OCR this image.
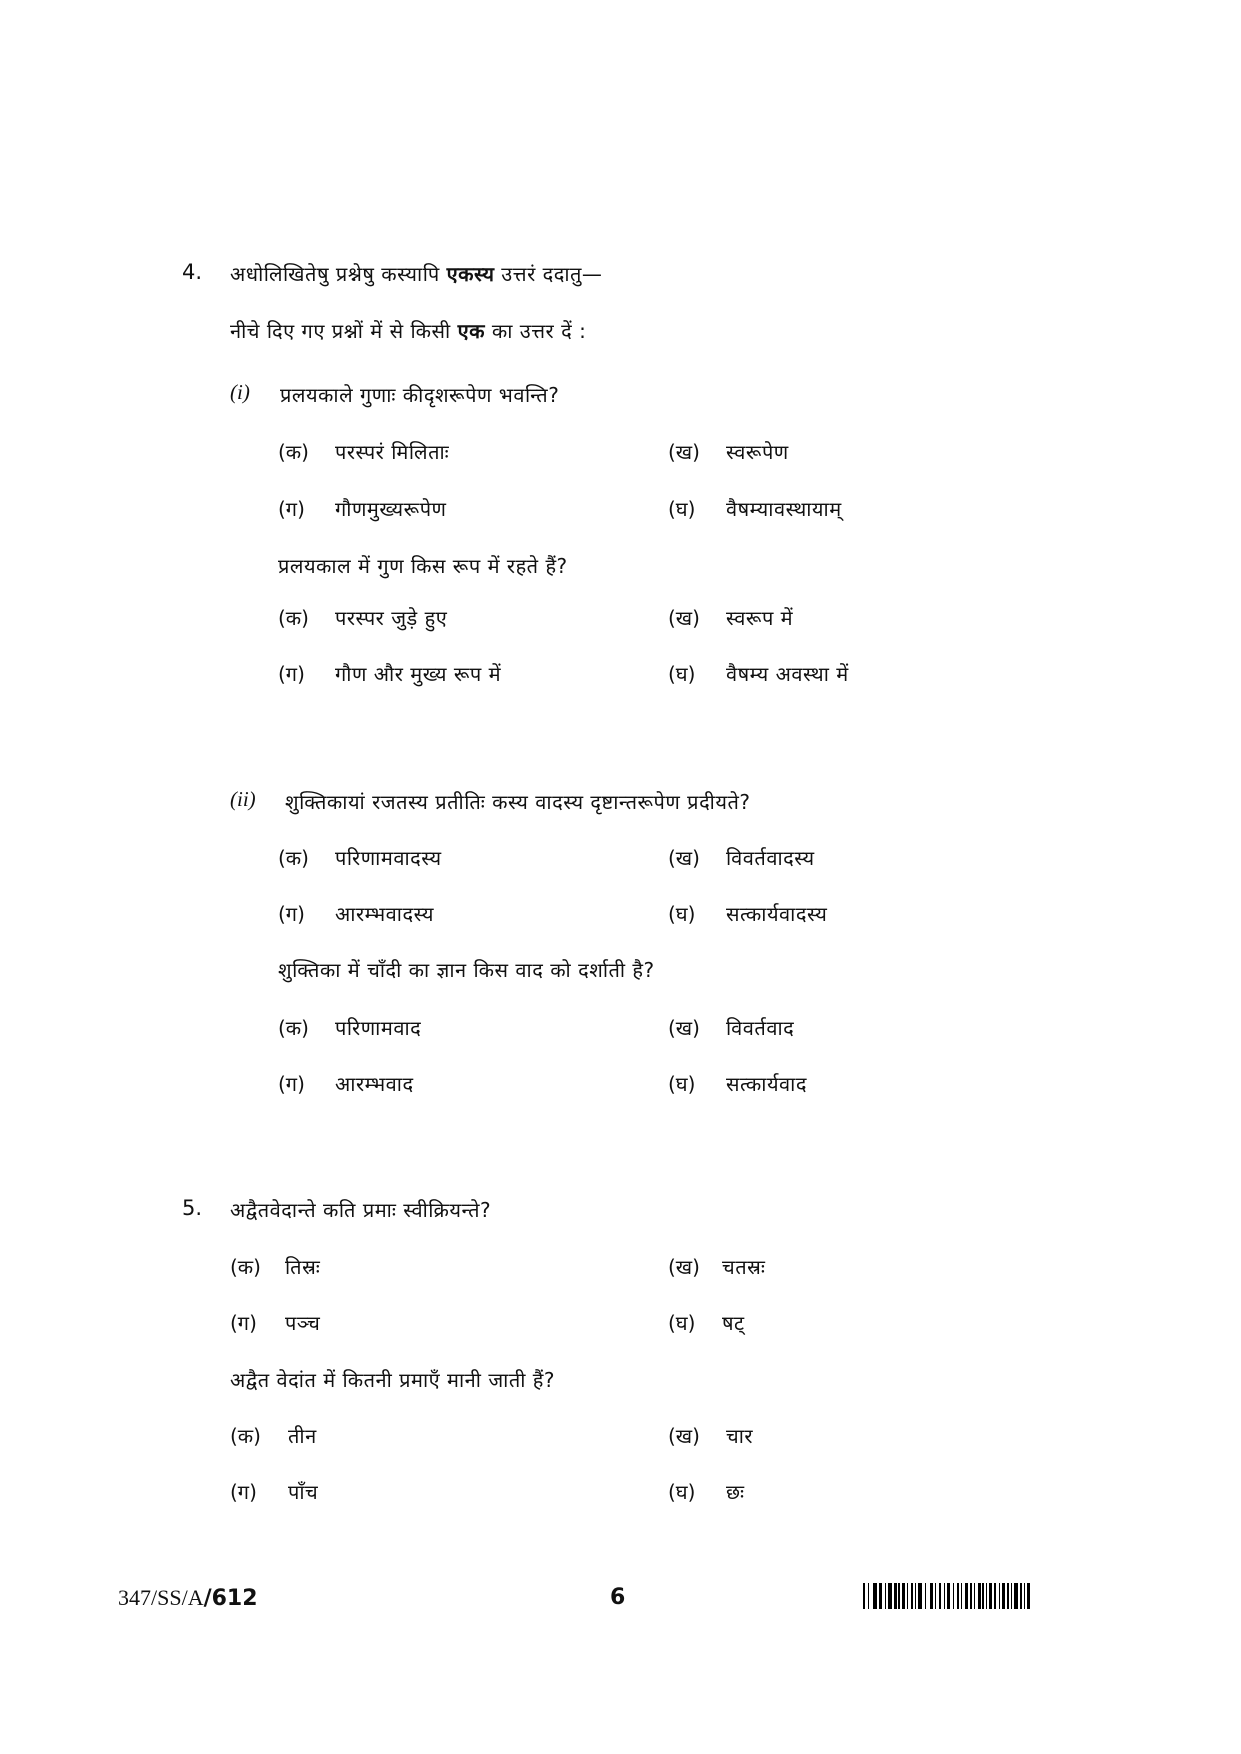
4. अधोलिखितेषु प्रश्नेषु कस्यापि एकस्य उत्तरं ददातु—
नीचे दिए गए प्रश्नों में से किसी एक का उत्तर दें :
(i) प्रलयकाले गुणाः कीदृशरूपेण भवन्ति?
(क) परस्परं मिलिताः	(ख) स्वरूपेण
(ग) गौणमुख्यरूपेण	(घ) वैषम्यावस्थायाम्
प्रलयकाल में गुण किस रूप में रहते हैं?
(क) परस्पर जुड़े हुए	(ख) स्वरूप में
(ग) गौण और मुख्य रूप में	(घ) वैषम्य अवस्था में
(ii) शुक्तिकायां रजतस्य प्रतीतिः कस्य वादस्य दृष्टान्तरूपेण प्रदीयते?
(क) परिणामवादस्य	(ख) विवर्तवादस्य
(ग) आरम्भवादस्य	(घ) सत्कार्यवादस्य
शुक्तिका में चाँदी का ज्ञान किस वाद को दर्शाती है?
(क) परिणामवाद	(ख) विवर्तवाद
(ग) आरम्भवाद	(घ) सत्कार्यवाद
5. अद्वैतवेदान्ते कति प्रमाः स्वीक्रियन्ते?
(क) तिस्रः	(ख) चतस्रः
(ग) पञ्च	(घ) षट्
अद्वैत वेदांत में कितनी प्रमाएँ मानी जाती हैं?
(क) तीन	(ख) चार
(ग) पाँच	(घ) छः
347/SS/A/612	6
